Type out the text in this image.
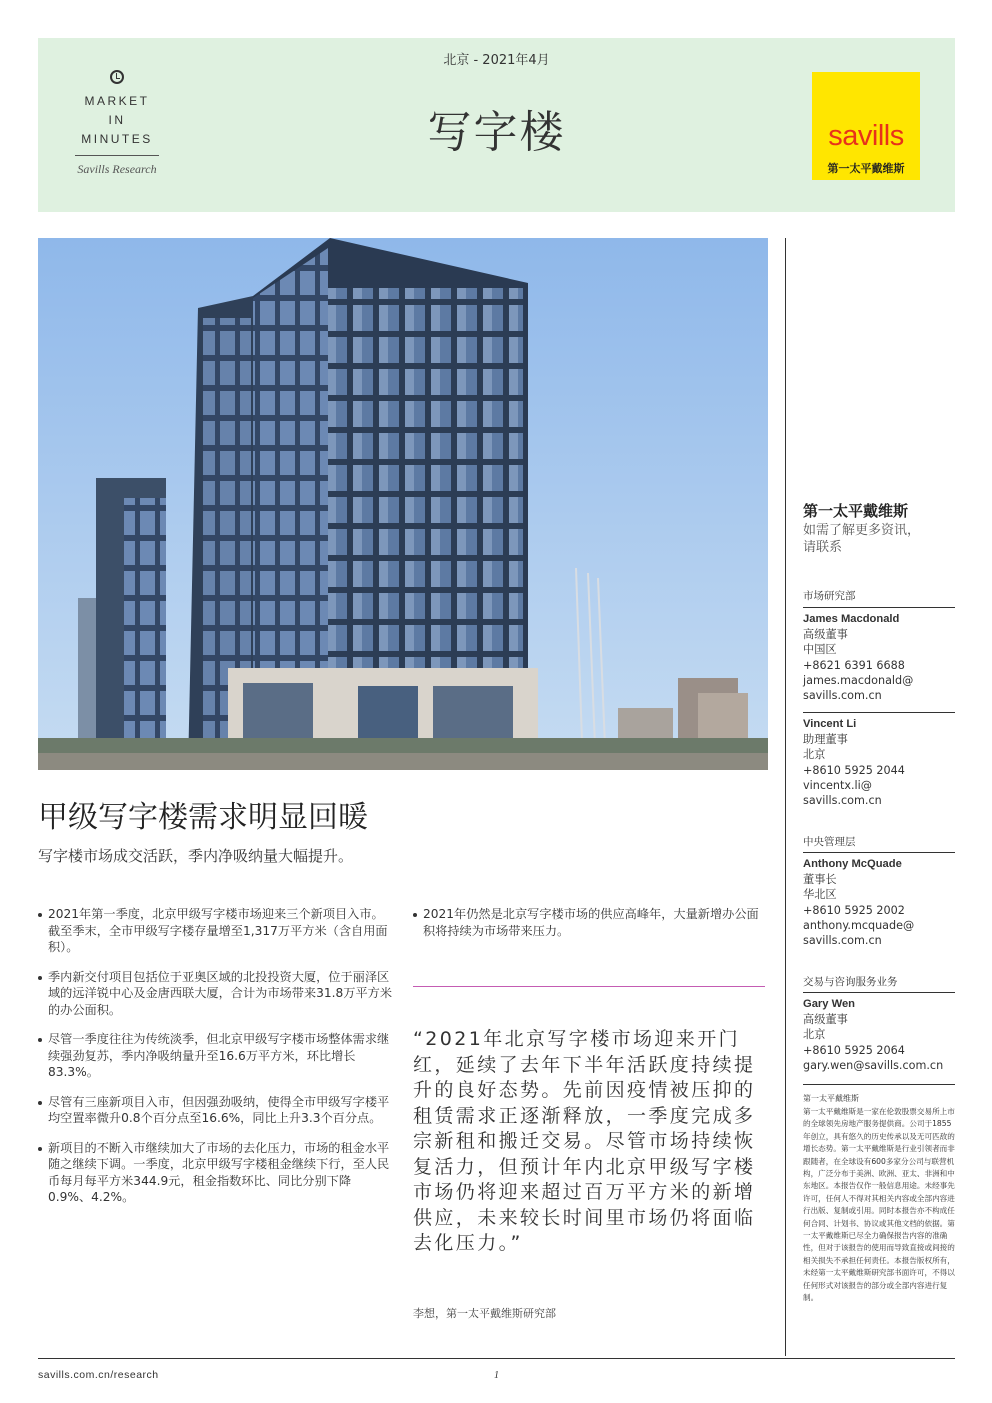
MARKET
IN
MINUTES
Savills Research
北京 - 2021年4月
写字楼	savills
第一太平戴维斯
甲级写字楼需求明显回暖
写字楼市场成交活跃，季内净吸纳量大幅提升。
2021年第一季度，北京甲级写字楼市场迎来三个新项目入市。截至季末，全市甲级写字楼存量增至1,317万平方米（含自用面积）。
季内新交付项目包括位于亚奥区域的北投投资大厦，位于丽泽区域的远洋锐中心及金唐西联大厦，合计为市场带来31.8万平方米的办公面积。
尽管一季度往往为传统淡季，但北京甲级写字楼市场整体需求继续强劲复苏，季内净吸纳量升至16.6万平方米，环比增长83.3%。
尽管有三座新项目入市，但因强劲吸纳，使得全市甲级写字楼平均空置率微升0.8个百分点至16.6%，同比上升3.3个百分点。
新项目的不断入市继续加大了市场的去化压力，市场的租金水平随之继续下调。一季度，北京甲级写字楼租金继续下行，至人民币每月每平方米344.9元，租金指数环比、同比分别下降0.9%、4.2%。
2021年仍然是北京写字楼市场的供应高峰年，大量新增办公面积将持续为市场带来压力。
“2021年北京写字楼市场迎来开门红，延续了去年下半年活跃度持续提升的良好态势。先前因疫情被压抑的租赁需求正逐渐释放，一季度完成多宗新租和搬迁交易。尽管市场持续恢复活力，但预计年内北京甲级写字楼市场仍将迎来超过百万平方米的新增供应，未来较长时间里市场仍将面临去化压力。”
李想，第一太平戴维斯研究部
第一太平戴维斯
如需了解更多资讯，
请联系
市场研究部
James Macdonald
高级董事
中国区
+8621 6391 6688
james.macdonald@
savills.com.cn
Vincent Li
助理董事
北京
+8610 5925 2044
vincentx.li@
savills.com.cn
中央管理层
Anthony McQuade
董事长
华北区
+8610 5925 2002
anthony.mcquade@
savills.com.cn
交易与咨询服务业务
Gary Wen
高级董事
北京
+8610 5925 2064
gary.wen@savills.com.cn
第一太平戴维斯
第一太平戴维斯是一家在伦敦股票交易所上市的全球领先房地产服务提供商。公司于1855年创立，具有悠久的历史传承以及无可匹敌的增长态势。第一太平戴维斯是行业引领者而非跟随者，在全球设有600多家分公司与联营机构，广泛分布于美洲、欧洲、亚太、非洲和中东地区。本报告仅作一般信息用途。未经事先许可，任何人不得对其相关内容或全部内容进行出版、复制或引用。同时本报告亦不构成任何合同、计划书、协议或其他文档的依据。第一太平戴维斯已尽全力确保报告内容的准确性，但对于该报告的使用而导致直接或间接的相关损失不承担任何责任。本报告版权所有，未经第一太平戴维斯研究部书面许可，不得以任何形式对该报告的部分或全部内容进行复制。
savills.com.cn/research	1
